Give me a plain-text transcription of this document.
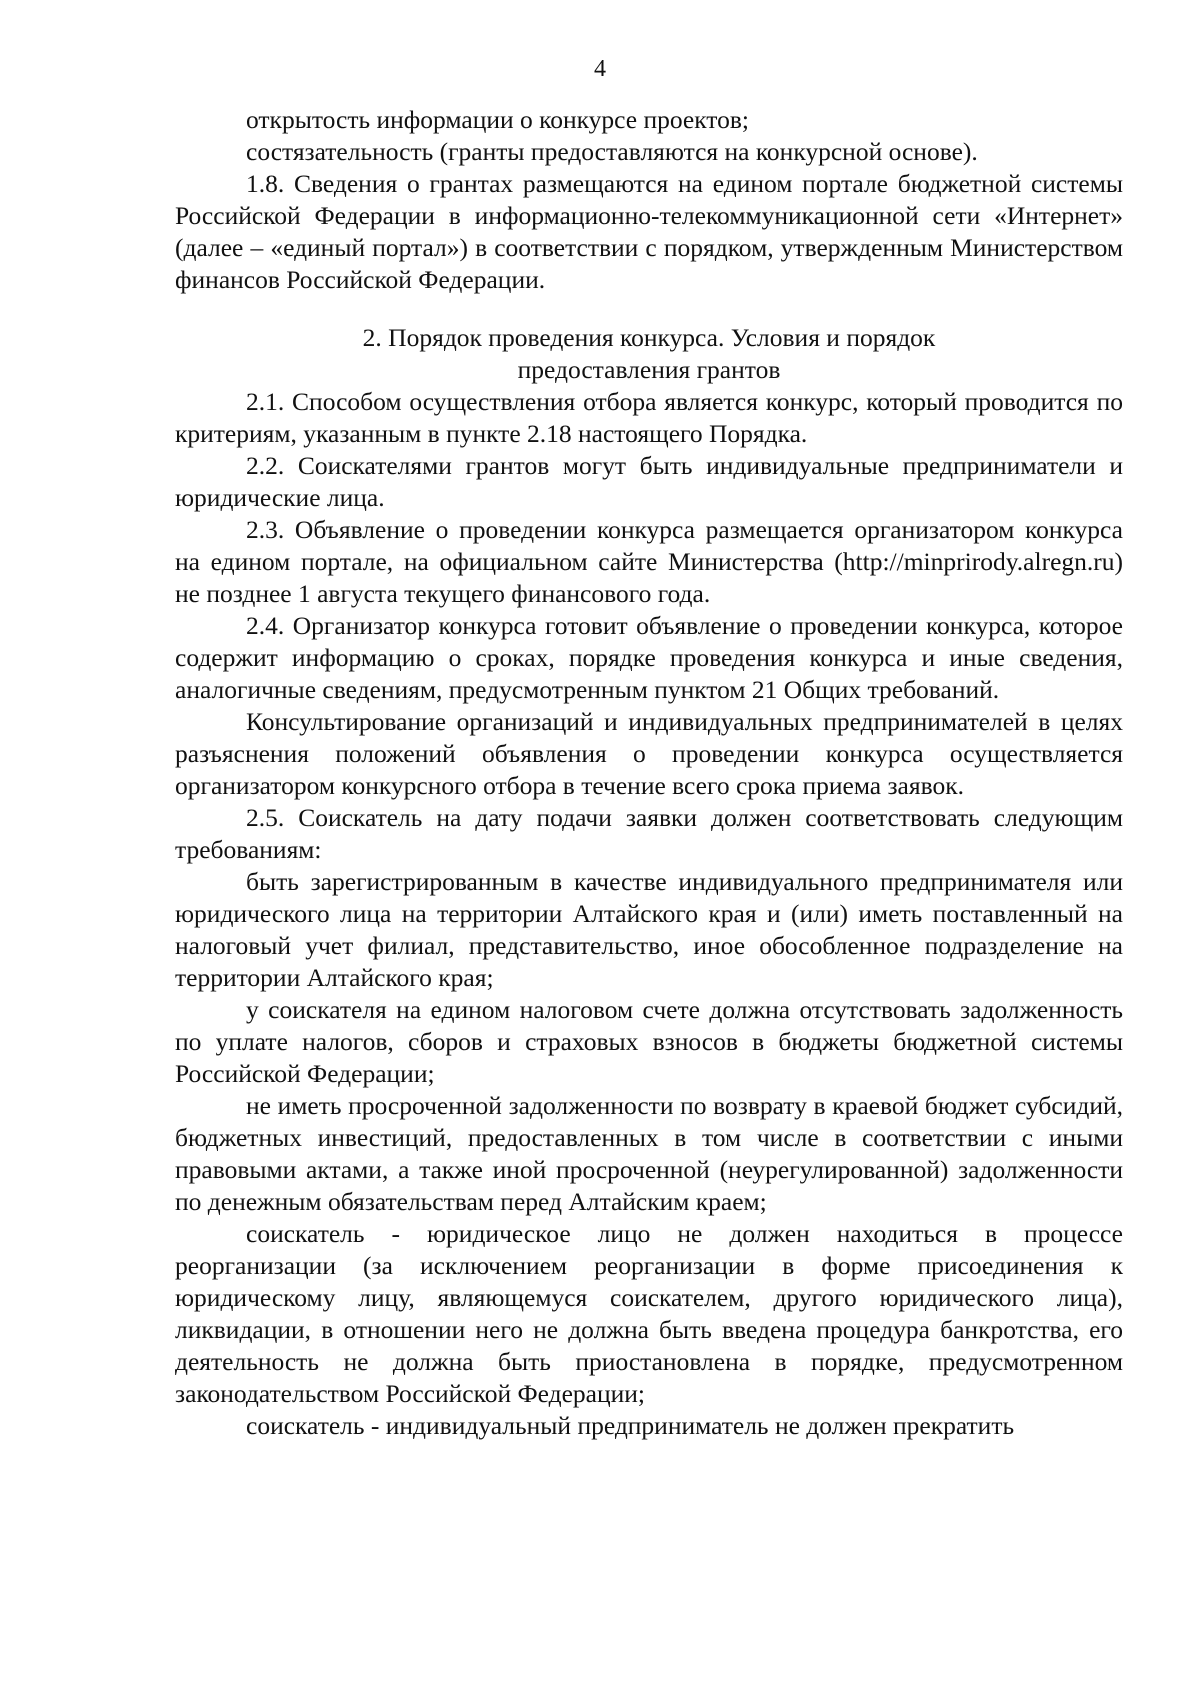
4

открытость информации о конкурсе проектов;

состязательность (гранты предоставляются на конкурсной основе).

1.8. Сведения о грантах размещаются на едином портале бюджетной системы Российской Федерации в информационно-телекоммуникационной сети «Интернет» (далее – «единый портал») в соответствии с порядком, утвержденным Министерством финансов Российской Федерации.

2. Порядок проведения конкурса. Условия и порядок
предоставления грантов

2.1. Способом осуществления отбора является конкурс, который проводится по критериям, указанным в пункте 2.18 настоящего Порядка.

2.2. Соискателями грантов могут быть индивидуальные предприниматели и юридические лица.

2.3. Объявление о проведении конкурса размещается организатором конкурса на едином портале, на официальном сайте Министерства (http://minprirody.alregn.ru) не позднее 1 августа текущего финансового года.

2.4. Организатор конкурса готовит объявление о проведении конкурса, которое содержит информацию о сроках, порядке проведения конкурса и иные сведения, аналогичные сведениям, предусмотренным пунктом 21 Общих требований.

Консультирование организаций и индивидуальных предпринимателей в целях разъяснения положений объявления о проведении конкурса осуществляется организатором конкурсного отбора в течение всего срока приема заявок.

2.5. Соискатель на дату подачи заявки должен соответствовать следующим требованиям:

быть зарегистрированным в качестве индивидуального предпринимателя или юридического лица на территории Алтайского края и (или) иметь поставленный на налоговый учет филиал, представительство, иное обособленное подразделение на территории Алтайского края;

у соискателя на едином налоговом счете должна отсутствовать задолженность по уплате налогов, сборов и страховых взносов в бюджеты бюджетной системы Российской Федерации;

не иметь просроченной задолженности по возврату в краевой бюджет субсидий, бюджетных инвестиций, предоставленных в том числе в соответствии с иными правовыми актами, а также иной просроченной (неурегулированной) задолженности по денежным обязательствам перед Алтайским краем;

соискатель - юридическое лицо не должен находиться в процессе реорганизации (за исключением реорганизации в форме присоединения к юридическому лицу, являющемуся соискателем, другого юридического лица), ликвидации, в отношении него не должна быть введена процедура банкротства, его деятельность не должна быть приостановлена в порядке, предусмотренном законодательством Российской Федерации;

соискатель - индивидуальный предприниматель не должен прекратить
